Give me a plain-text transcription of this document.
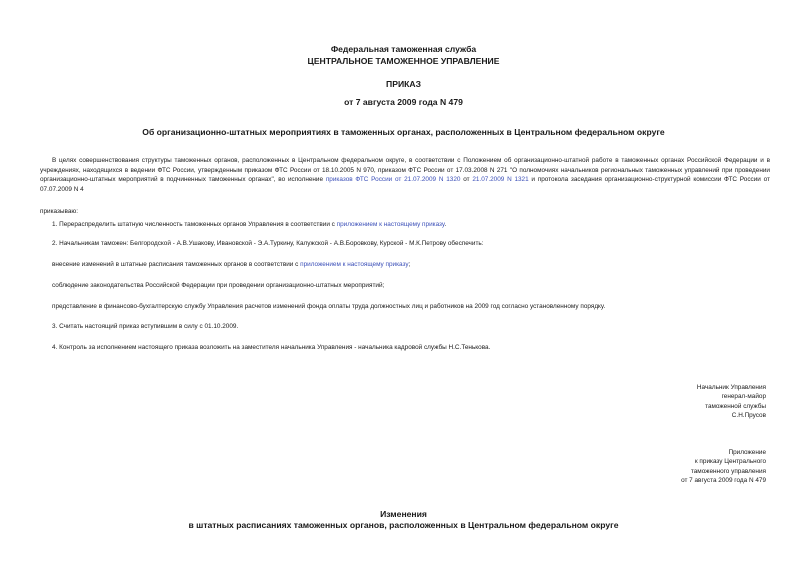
Федеральная таможенная служба
ЦЕНТРАЛЬНОЕ ТАМОЖЕННОЕ УПРАВЛЕНИЕ
ПРИКАЗ
от 7 августа 2009 года N 479
Об организационно-штатных мероприятиях в таможенных органах, расположенных в Центральном федеральном округе
В целях совершенствования структуры таможенных органов, расположенных в Центральном федеральном округе, в соответствии с Положением об организационно-штатной работе в таможенных органах Российской Федерации и в учреждениях, находящихся в ведении ФТС России, утвержденным приказом ФТС России от 18.10.2005 N 970, приказом ФТС России от 17.03.2008 N 271 "О полномочиях начальников региональных таможенных управлений при проведении организационно-штатных мероприятий в подчиненных таможенных органах", во исполнение приказов ФТС России от 21.07.2009 N 1320 от 21.07.2009 N 1321 и протокола заседания организационно-структурной комиссии ФТС России от 07.07.2009 N 4
приказываю:
1. Перераспределить штатную численность таможенных органов Управления в соответствии с приложением к настоящему приказу.
2. Начальникам таможен: Белгородской - А.В.Ушакову, Ивановской - Э.А.Туркину, Калужской - А.В.Боровкову, Курской - М.К.Петрову обеспечить:
внесение изменений в штатные расписания таможенных органов в соответствии с приложением к настоящему приказу;
соблюдение законодательства Российской Федерации при проведении организационно-штатных мероприятий;
представление в финансово-бухгалтерскую службу Управления расчетов изменений фонда оплаты труда должностных лиц и работников на 2009 год согласно установленному порядку.
3. Считать настоящий приказ вступившим в силу с 01.10.2009.
4. Контроль за исполнением настоящего приказа возложить на заместителя начальника Управления - начальника кадровой службы Н.С.Тенькова.
Начальник Управления
генерал-майор
таможенной службы
С.Н.Прусов
Приложение
к приказу Центрального
таможенного управления
от 7 августа 2009 года N 479
Изменения
в штатных расписаниях таможенных органов, расположенных в Центральном федеральном округе
